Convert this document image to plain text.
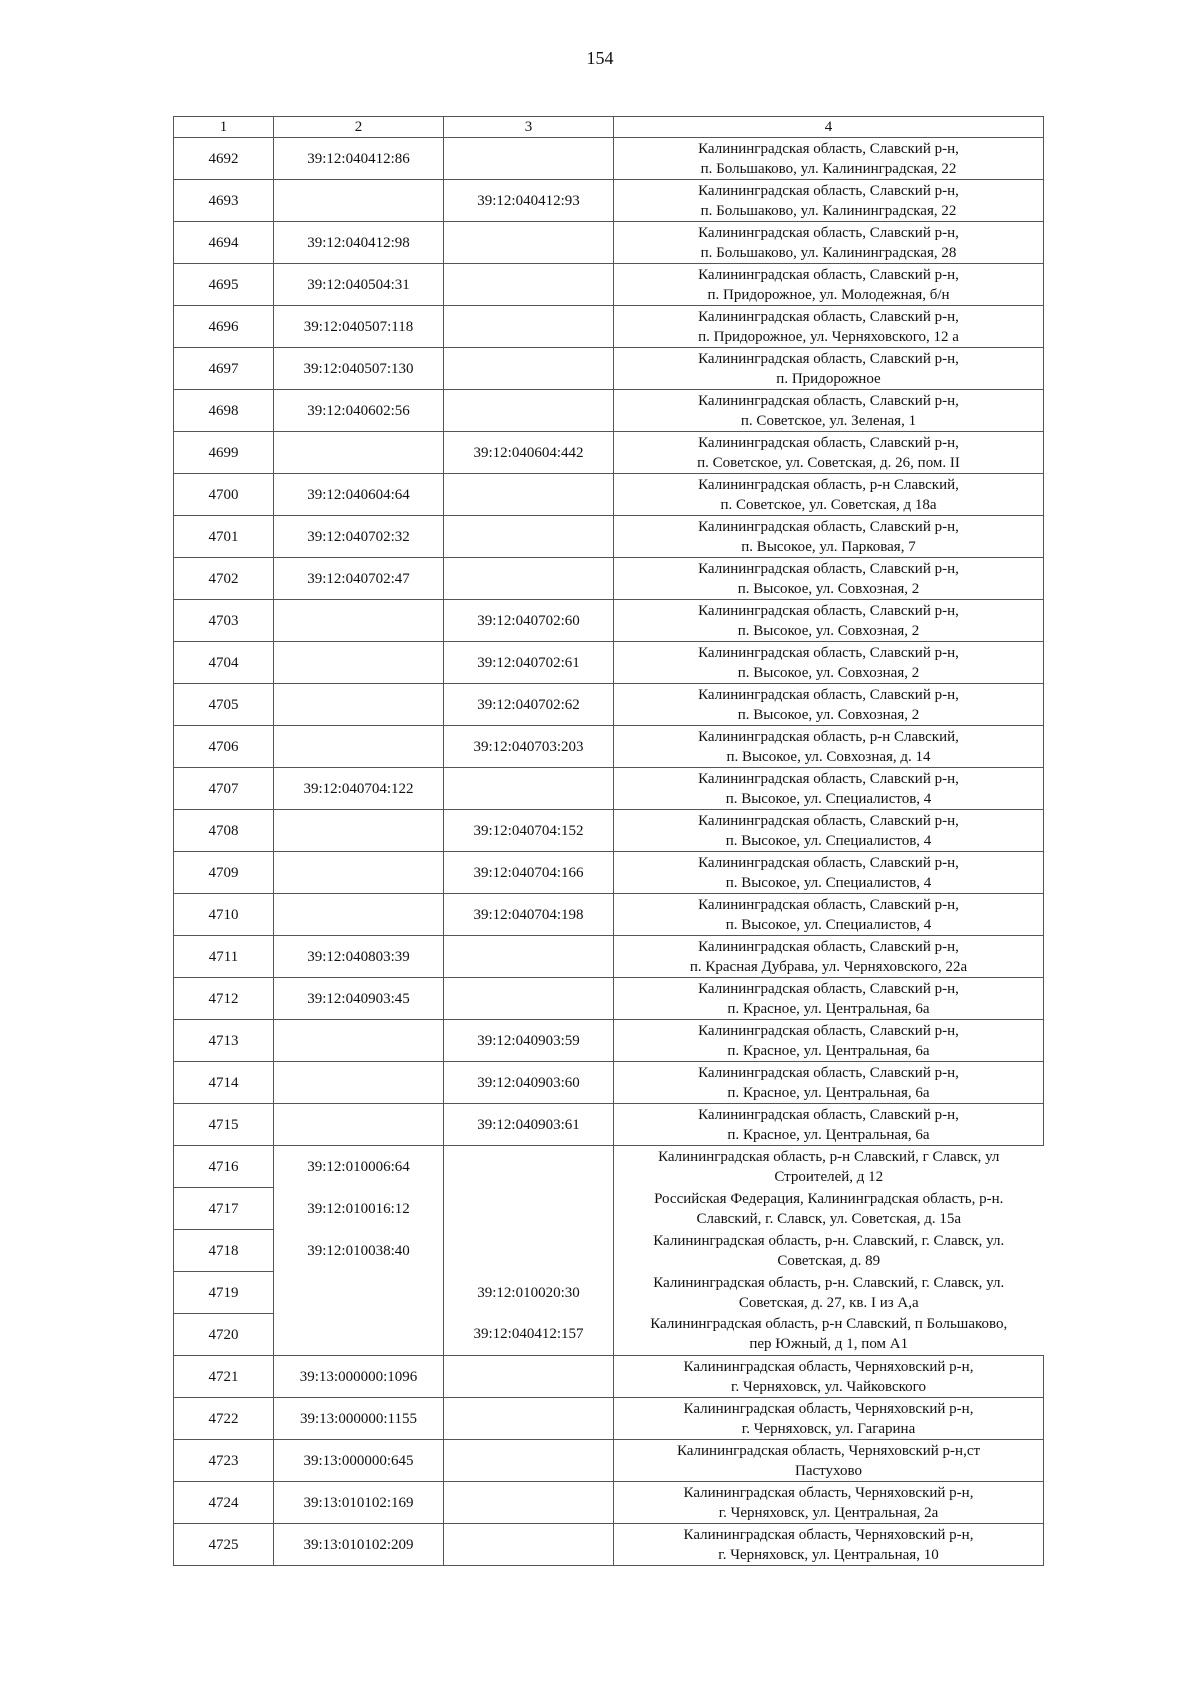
154
1	2	3	4
4692	39:12:040412:86		Калининградская область, Славский р-н,
п. Большаково, ул. Калининградская, 22

4693		39:12:040412:93	Калининградская область, Славский р-н,
п. Большаково, ул. Калининградская, 22

4694	39:12:040412:98		Калининградская область, Славский р-н,
п. Большаково, ул. Калининградская, 28

4695	39:12:040504:31		Калининградская область, Славский р-н,
п. Придорожное, ул. Молодежная, б/н

4696	39:12:040507:118		Калининградская область, Славский р-н,
п. Придорожное, ул. Черняховского, 12 а

4697	39:12:040507:130		Калининградская область, Славский р-н,
п. Придорожное

4698	39:12:040602:56		Калининградская область, Славский р-н,
п. Советское, ул. Зеленая, 1

4699		39:12:040604:442	Калининградская область, Славский р-н,
п. Советское, ул. Советская, д. 26, пом. II

4700	39:12:040604:64		Калининградская область, р-н Славский,
п. Советское, ул. Советская, д 18а

4701	39:12:040702:32		Калининградская область, Славский р-н,
п. Высокое, ул. Парковая, 7

4702	39:12:040702:47		Калининградская область, Славский р-н,
п. Высокое, ул. Совхозная, 2

4703		39:12:040702:60	Калининградская область, Славский р-н,
п. Высокое, ул. Совхозная, 2

4704		39:12:040702:61	Калининградская область, Славский р-н,
п. Высокое, ул. Совхозная, 2

4705		39:12:040702:62	Калининградская область, Славский р-н,
п. Высокое, ул. Совхозная, 2

4706		39:12:040703:203	Калининградская область, р-н Славский,
п. Высокое, ул. Совхозная, д. 14

4707	39:12:040704:122		Калининградская область, Славский р-н,
п. Высокое, ул. Специалистов, 4

4708		39:12:040704:152	Калининградская область, Славский р-н,
п. Высокое, ул. Специалистов, 4

4709		39:12:040704:166	Калининградская область, Славский р-н,
п. Высокое, ул. Специалистов, 4

4710		39:12:040704:198	Калининградская область, Славский р-н,
п. Высокое, ул. Специалистов, 4

4711	39:12:040803:39		Калининградская область, Славский р-н,
п. Красная Дубрава, ул. Черняховского, 22а

4712	39:12:040903:45		Калининградская область, Славский р-н,
п. Красное, ул. Центральная, 6а

4713		39:12:040903:59	Калининградская область, Славский р-н,
п. Красное, ул. Центральная, 6а

4714		39:12:040903:60	Калининградская область, Славский р-н,
п. Красное, ул. Центральная, 6а

4715		39:12:040903:61	Калининградская область, Славский р-н,
п. Красное, ул. Центральная, 6а

4716	39:12:010006:64		Калининградская область, р-н Славский, г Славск, ул
Строителей, д 12

4717	39:12:010016:12		Российская Федерация, Калининградская область, р-н.
Славский, г. Славск, ул. Советская, д. 15а

4718	39:12:010038:40		Калининградская область, р-н. Славский, г. Славск, ул.
Советская, д. 89

4719		39:12:010020:30	Калининградская область, р-н. Славский, г. Славск, ул.
Советская, д. 27, кв. I из А,а

4720		39:12:040412:157	Калининградская область, р-н Славский, п Большаково,
пер Южный, д 1, пом А1

4721	39:13:000000:1096		Калининградская область, Черняховский р-н,
г. Черняховск, ул. Чайковского

4722	39:13:000000:1155		Калининградская область, Черняховский р-н,
г. Черняховск, ул. Гагарина

4723	39:13:000000:645		Калининградская область, Черняховский р-н,ст
Пастухово

4724	39:13:010102:169		Калининградская область, Черняховский р-н,
г. Черняховск, ул. Центральная, 2а

4725	39:13:010102:209		Калининградская область, Черняховский р-н,
г. Черняховск, ул. Центральная, 10
